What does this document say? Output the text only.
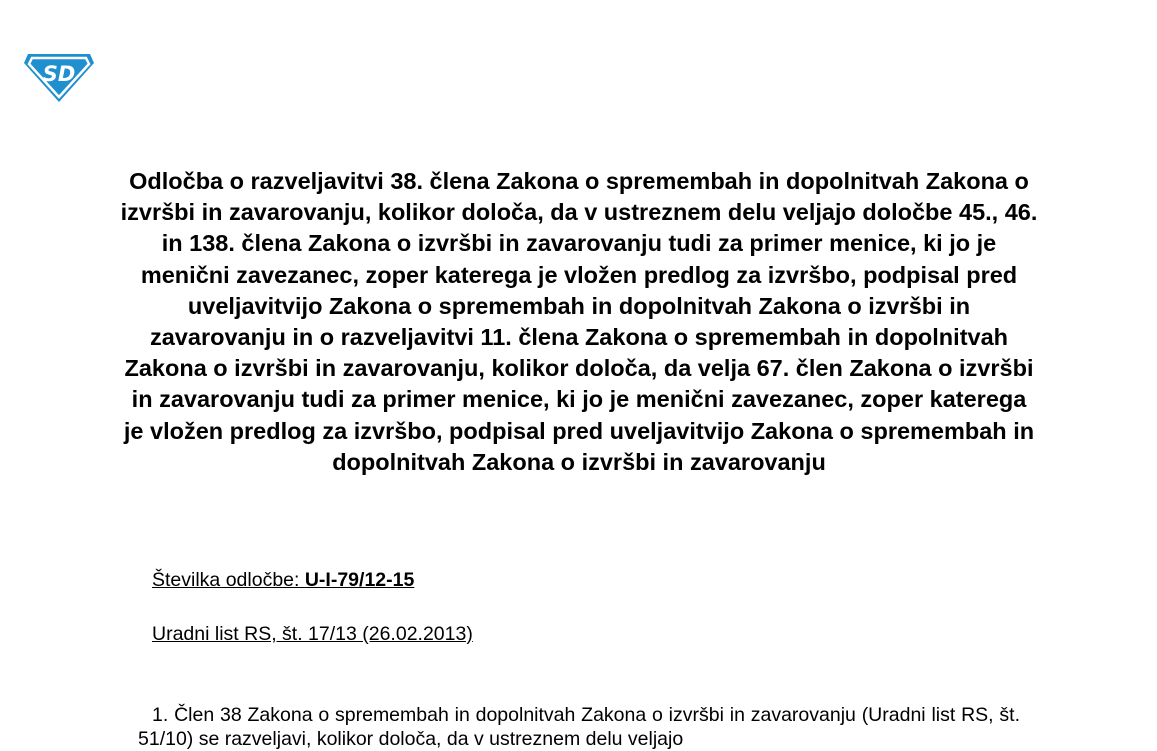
SD
Odločba o razveljavitvi 38. člena Zakona o spremembah in dopolnitvah Zakona o izvršbi in zavarovanju, kolikor določa, da v ustreznem delu veljajo določbe 45., 46. in 138. člena Zakona o izvršbi in zavarovanju tudi za primer menice, ki jo je menični zavezanec, zoper katerega je vložen predlog za izvršbo, podpisal pred uveljavitvijo Zakona o spremembah in dopolnitvah Zakona o izvršbi in zavarovanju in o razveljavitvi 11. člena Zakona o spremembah in dopolnitvah Zakona o izvršbi in zavarovanju, kolikor določa, da velja 67. člen Zakona o izvršbi in zavarovanju tudi za primer menice, ki jo je menični zavezanec, zoper katerega je vložen predlog za izvršbo, podpisal pred uveljavitvijo Zakona o spremembah in dopolnitvah Zakona o izvršbi in zavarovanju

Številka odločbe: U-I-79/12-15

Uradni list RS, št. 17/13 (26.02.2013)

1. Člen 38 Zakona o spremembah in dopolnitvah Zakona o izvršbi in zavarovanju (Uradni list RS, št. 51/10) se razveljavi, kolikor določa, da v ustreznem delu veljajo
